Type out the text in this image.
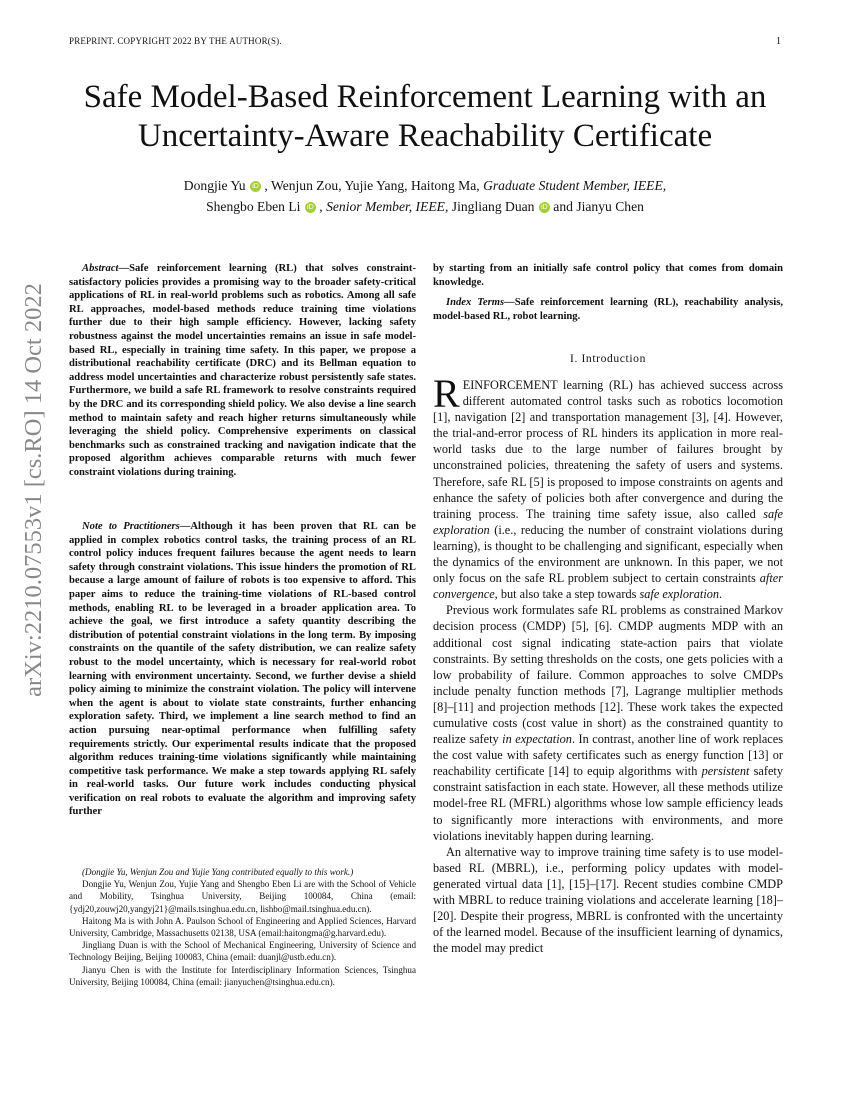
PREPRINT. COPYRIGHT 2022 BY THE AUTHOR(S).	1
arXiv:2210.07553v1 [cs.RO] 14 Oct 2022
Safe Model-Based Reinforcement Learning with an
Uncertainty-Aware Reachability Certificate
Dongjie Yu iD , Wenjun Zou, Yujie Yang, Haitong Ma, Graduate Student Member, IEEE,
Shengbo Eben Li iD , Senior Member, IEEE, Jingliang Duan iD and Jianyu Chen

Abstract—Safe reinforcement learning (RL) that solves constraint-satisfactory policies provides a promising way to the broader safety-critical applications of RL in real-world problems such as robotics. Among all safe RL approaches, model-based methods reduce training time violations further due to their high sample efficiency. However, lacking safety robustness against the model uncertainties remains an issue in safe model-based RL, especially in training time safety. In this paper, we propose a distributional reachability certificate (DRC) and its Bellman equation to address model uncertainties and characterize robust persistently safe states. Furthermore, we build a safe RL framework to resolve constraints required by the DRC and its corresponding shield policy. We also devise a line search method to maintain safety and reach higher returns simultaneously while leveraging the shield policy. Comprehensive experiments on classical benchmarks such as constrained tracking and navigation indicate that the proposed algorithm achieves comparable returns with much fewer constraint violations during training.

Note to Practitioners—Although it has been proven that RL can be applied in complex robotics control tasks, the training process of an RL control policy induces frequent failures because the agent needs to learn safety through constraint violations. This issue hinders the promotion of RL because a large amount of failure of robots is too expensive to afford. This paper aims to reduce the training-time violations of RL-based control methods, enabling RL to be leveraged in a broader application area. To achieve the goal, we first introduce a safety quantity describing the distribution of potential constraint violations in the long term. By imposing constraints on the quantile of the safety distribution, we can realize safety robust to the model uncertainty, which is necessary for real-world robot learning with environment uncertainty. Second, we further devise a shield policy aiming to minimize the constraint violation. The policy will intervene when the agent is about to violate state constraints, further enhancing exploration safety. Third, we implement a line search method to find an action pursuing near-optimal performance when fulfilling safety requirements strictly. Our experimental results indicate that the proposed algorithm reduces training-time violations significantly while maintaining competitive task performance. We make a step towards applying RL safely in real-world tasks. Our future work includes conducting physical verification on real robots to evaluate the algorithm and improving safety further

(Dongjie Yu, Wenjun Zou and Yujie Yang contributed equally to this work.)

Dongjie Yu, Wenjun Zou, Yujie Yang and Shengbo Eben Li are with the School of Vehicle and Mobility, Tsinghua University, Beijing 100084, China (email: {ydj20,zouwj20,yangyj21}@mails.tsinghua.edu.cn, lishbo@mail.tsinghua.edu.cn).

Haitong Ma is with John A. Paulson School of Engineering and Applied Sciences, Harvard University, Cambridge, Massachusetts 02138, USA (email:haitongma@g.harvard.edu).

Jingliang Duan is with the School of Mechanical Engineering, University of Science and Technology Beijing, Beijing 100083, China (email: duanjl@ustb.edu.cn).

Jianyu Chen is with the Institute for Interdisciplinary Information Sciences, Tsinghua University, Beijing 100084, China (email: jianyuchen@tsinghua.edu.cn).

by starting from an initially safe control policy that comes from domain knowledge.

Index Terms—Safe reinforcement learning (RL), reachability analysis, model-based RL, robot learning.

I. Introduction

REINFORCEMENT learning (RL) has achieved success across different automated control tasks such as robotics locomotion [1], navigation [2] and transportation management [3], [4]. However, the trial-and-error process of RL hinders its application in more real-world tasks due to the large number of failures brought by unconstrained policies, threatening the safety of users and systems. Therefore, safe RL [5] is proposed to impose constraints on agents and enhance the safety of policies both after convergence and during the training process. The training time safety issue, also called safe exploration (i.e., reducing the number of constraint violations during learning), is thought to be challenging and significant, especially when the dynamics of the environment are unknown. In this paper, we not only focus on the safe RL problem subject to certain constraints after convergence, but also take a step towards safe exploration.

Previous work formulates safe RL problems as constrained Markov decision process (CMDP) [5], [6]. CMDP augments MDP with an additional cost signal indicating state-action pairs that violate constraints. By setting thresholds on the costs, one gets policies with a low probability of failure. Common approaches to solve CMDPs include penalty function methods [7], Lagrange multiplier methods [8]–[11] and projection methods [12]. These work takes the expected cumulative costs (cost value in short) as the constrained quantity to realize safety in expectation. In contrast, another line of work replaces the cost value with safety certificates such as energy function [13] or reachability certificate [14] to equip algorithms with persistent safety constraint satisfaction in each state. However, all these methods utilize model-free RL (MFRL) algorithms whose low sample efficiency leads to significantly more interactions with environments, and more violations inevitably happen during learning.

An alternative way to improve training time safety is to use model-based RL (MBRL), i.e., performing policy updates with model-generated virtual data [1], [15]–[17]. Recent studies combine CMDP with MBRL to reduce training violations and accelerate learning [18]–[20]. Despite their progress, MBRL is confronted with the uncertainty of the learned model. Because of the insufficient learning of dynamics, the model may predict
